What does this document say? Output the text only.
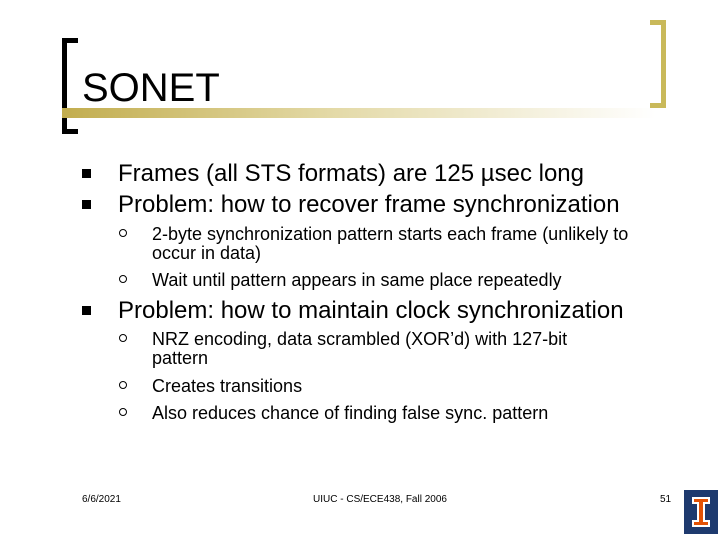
SONET
Frames (all STS formats) are 125 µsec long
Problem: how to recover frame synchronization
2-byte synchronization pattern starts each frame (unlikely to occur in data)
Wait until pattern appears in same place repeatedly
Problem: how to maintain clock synchronization
NRZ encoding, data scrambled (XOR’d) with 127-bit pattern
Creates transitions
Also reduces chance of finding false sync. pattern
6/6/2021	UIUC - CS/ECE438, Fall 2006	51
